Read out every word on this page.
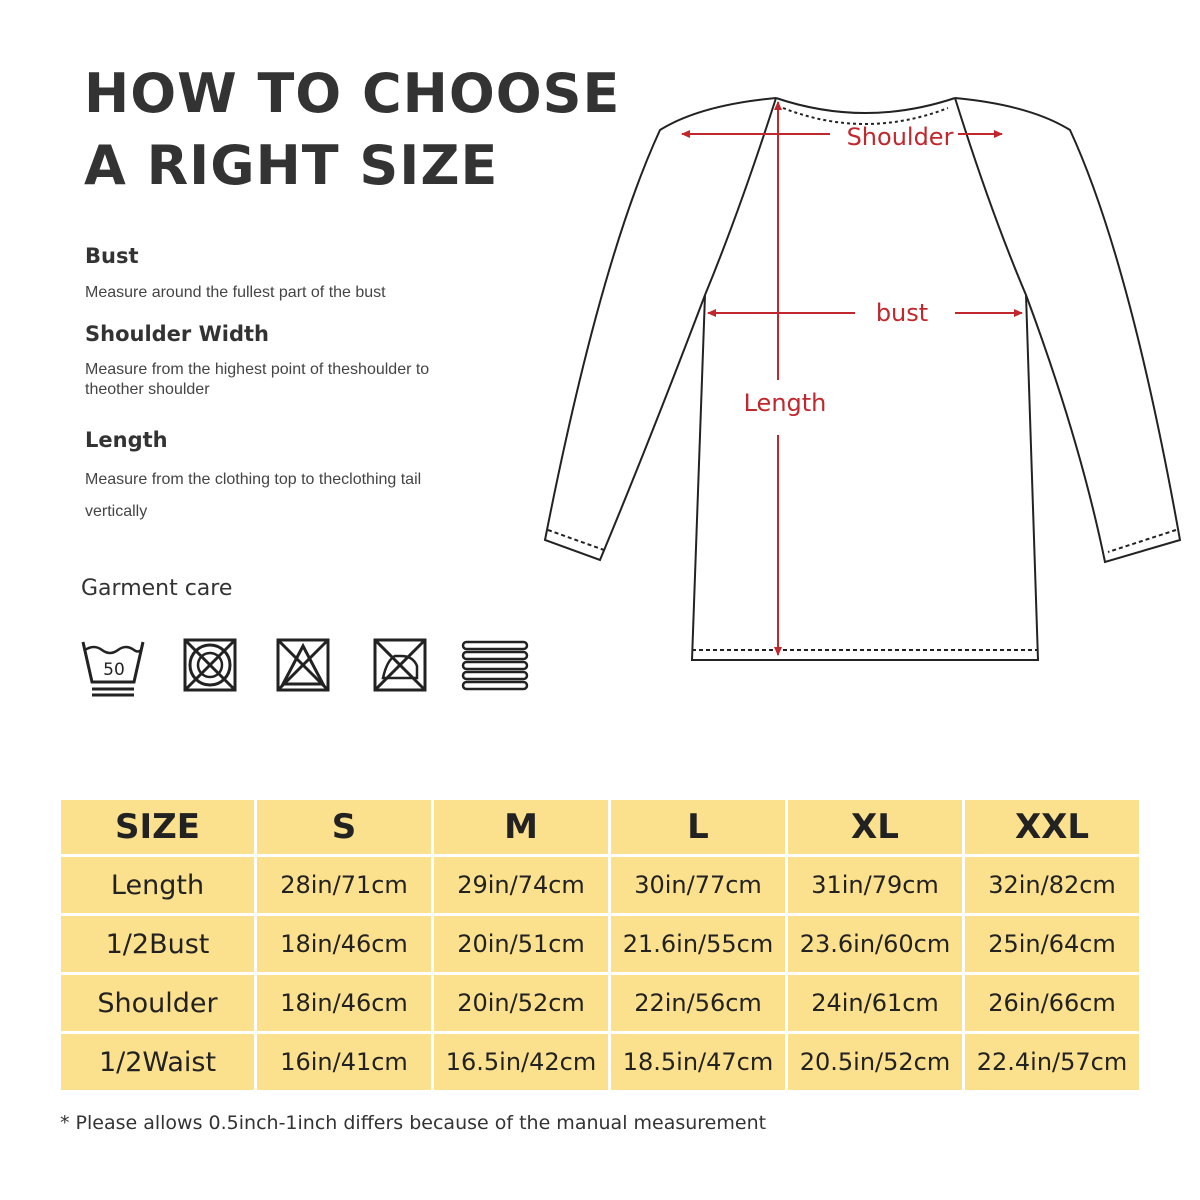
HOW TO CHOOSE
A RIGHT SIZE

Bust

Measure around the fullest part of the bust

Shoulder Width

Measure from the highest point of theshoulder to theother shoulder

Length

Measure from the clothing top to theclothing tail vertically

Garment care
50
Shoulder
bust
Length
SIZE	S	M	L	XL	XXL
Length	28in/71cm	29in/74cm	30in/77cm	31in/79cm	32in/82cm
1/2Bust	18in/46cm	20in/51cm	21.6in/55cm	23.6in/60cm	25in/64cm
Shoulder	18in/46cm	20in/52cm	22in/56cm	24in/61cm	26in/66cm
1/2Waist	16in/41cm	16.5in/42cm	18.5in/47cm	20.5in/52cm	22.4in/57cm
* Please allows 0.5inch-1inch differs because of the manual measurement
